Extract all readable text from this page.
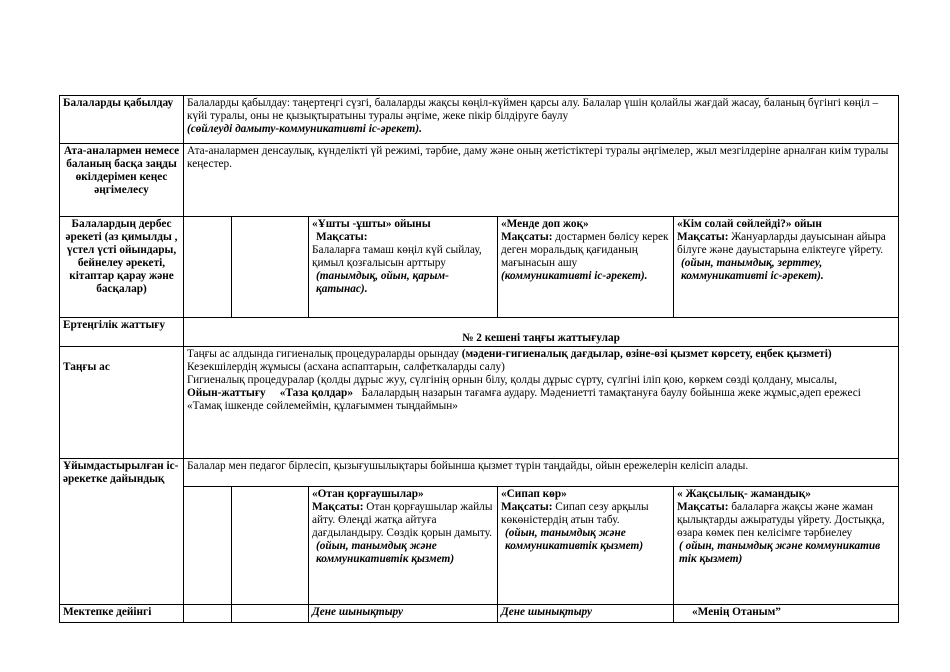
Балаларды қабылдау	Балаларды қабылдау: таңертеңгі сүзгі, балаларды жақсы көңіл-күймен қарсы алу. Балалар үшін қолайлы жағдай жасау, баланың бүгінгі көңіл – күйі туралы, оны не қызықтыратыны туралы әңгіме, жеке пікір білдіруге баулу
(сөйлеуді дамыту-коммуникативті іс-әрекет).				

Ата-аналармен немесе баланың басқа заңды өкілдерімен кеңес әңгімелесу	Ата-аналармен денсаулық, күнделікті үй режимі, тәрбие, даму және оның жетістіктері туралы әңгімелер, жыл мезгілдеріне арналған киім туралы кеңестер.				
Балалардың дербес әрекеті (аз қимылды , үстел үсті ойындары, бейнелеу әрекеті, кітаптар қарау және басқалар)			«Ұшты -ұшты» ойыны
Мақсаты:
Балаларға тамаш көңіл күй сыйлау, қимыл қозғалысын арттыру
(танымдық, ойын, қарым-қатынас).	«Менде доп жоқ»
Мақсаты: достармен бөлісу керек деген моральдық қағиданың мағынасын ашу
(коммуникативті іс-әрекет).	«Кім солай сөйлейді?» ойын
Мақсаты: Жануарларды дауысынан айыра білуге және дауыстарына еліктеуге үйрету.
(ойын, танымдық, зерттеу, коммуникативті іс-әрекет).

Ертеңгілік жаттығу	№ 2 кешені таңғы жаттығулар				

Таңғы ас	Таңғы ас алдында гигиеналық процедураларды орындау (мәдени-гигиеналық дағдылар, өзіне-өзі қызмет көрсету, еңбек қызметі)
Кезекшілердің жұмысы (асхана аспаптарын, салфеткаларды салу)
Гигиеналық процедуралар (қолды дұрыс жуу, сүлгінің орнын білу, қолды дұрыс сүрту, сүлгіні іліп қою, көркем сөзді қолдану, мысалы,
Ойын-жаттығу «Таза қолдар» Балалардың назарын тағамға аудару. Мәдениетті тамақтануға баулу бойынша жеке жұмыс,әдеп ережесі
«Тамақ ішкенде сөйлемеймін, құлағыммен тыңдаймын»				

Ұйымдастырылған іс-әрекетке дайындық	Балалар мен педагог бірлесіп, қызығушылықтары бойынша қызмет түрін таңдайды, ойын ережелерін келісіп алады.				

			«Отан қорғаушылар»
Мақсаты: Отан қорғаушылар жайлы айту. Өлеңді жатқа айтуға дағдыландыру. Сөздік қорын дамыту.
(ойын, танымдық және коммуникативтік қызмет)	«Сипап көр»
Мақсаты: Сипап сезу арқылы көкөністердің атын табу.
(ойын, танымдық және коммуникативтік қызмет)	« Жақсылық- жамандық»
Мақсаты: балаларға жақсы және жаман қылықтарды ажыратуды үйрету. Достыққа, өзара көмек пен келісімге тәрбиелеу
( ойын, танымдық және коммуникатив тік қызмет)

Мектепке дейінгі			Дене шынықтыру	Дене шынықтыру	«Менің Отаным”
